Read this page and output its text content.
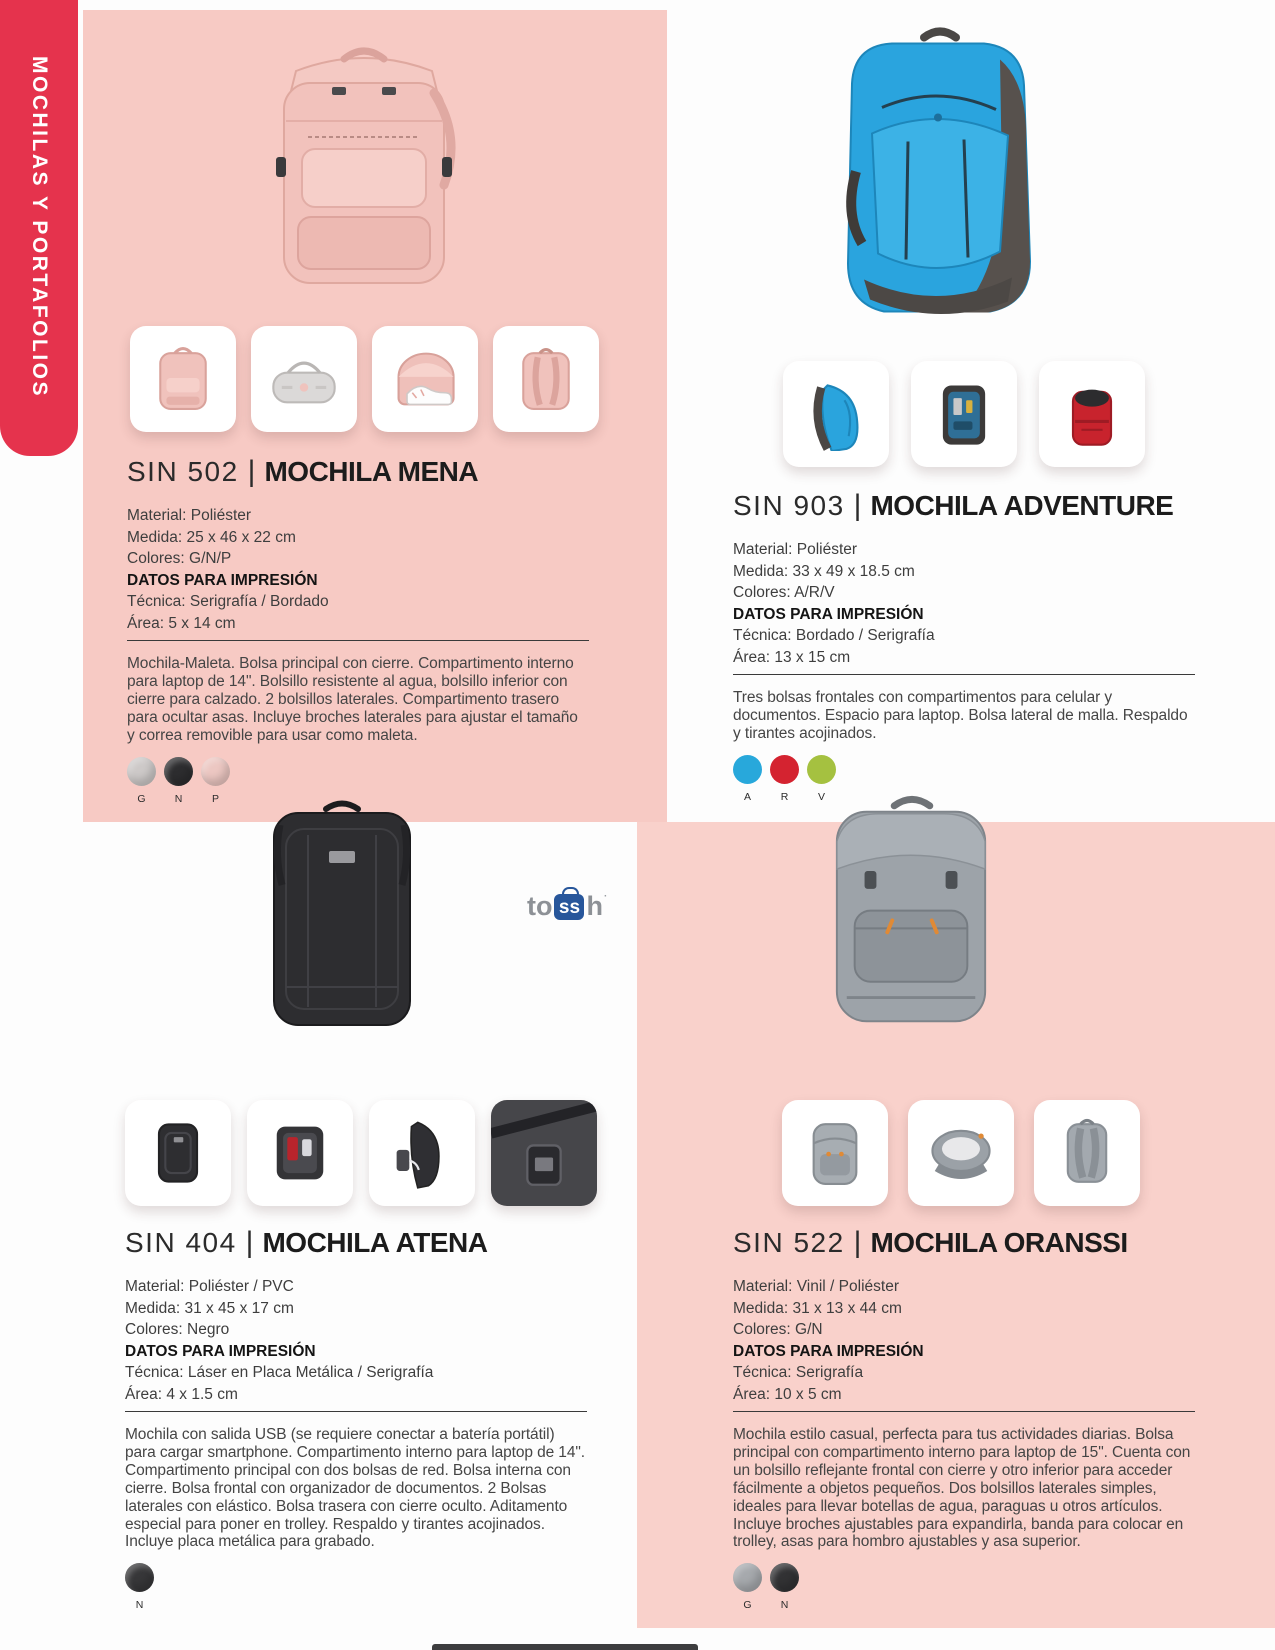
MOCHILAS Y PORTAFOLIOS
SIN 502 | MOCHILA MENA

Material: Poliéster

Medida: 25 x 46 x 22 cm

Colores: G/N/P

DATOS PARA IMPRESIÓN

Técnica: Serigrafía / Bordado

Área: 5 x 14 cm

Mochila-Maleta. Bolsa principal con cierre. Compartimento interno para laptop de 14". Bolsillo resistente al agua, bolsillo inferior con cierre para calzado. 2 bolsillos laterales. Compartimento trasero para ocultar asas. Incluye broches laterales para ajustar el tamaño y correa removible para usar como maleta.

G	N	P
SIN 903 | MOCHILA ADVENTURE

Material: Poliéster

Medida: 33 x 49 x 18.5 cm

Colores: A/R/V

DATOS PARA IMPRESIÓN

Técnica: Bordado / Serigrafía

Área: 13 x 15 cm

Tres bolsas frontales con compartimentos para celular y documentos. Espacio para laptop. Bolsa lateral de malla. Respaldo y tirantes acojinados.

A	R	V
SIN 404 | MOCHILA ATENA

Material: Poliéster / PVC

Medida: 31 x 45 x 17 cm

Colores: Negro

DATOS PARA IMPRESIÓN

Técnica: Láser en Placa Metálica / Serigrafía

Área: 4 x 1.5 cm

Mochila con salida USB (se requiere conectar a batería portátil) para cargar smartphone. Compartimento interno para laptop de 14". Compartimento principal con dos bolsas de red. Bolsa interna con cierre. Bolsa frontal con organizador de documentos. 2 Bolsas laterales con elástico. Bolsa trasera con cierre oculto. Aditamento especial para poner en trolley. Respaldo y tirantes acojinados. Incluye placa metálica para grabado.

N
SIN 522 | MOCHILA ORANSSI

Material: Vinil / Poliéster

Medida: 31 x 13 x 44 cm

Colores: G/N

DATOS PARA IMPRESIÓN

Técnica: Serigrafía

Área: 10 x 5 cm

Mochila estilo casual, perfecta para tus actividades diarias. Bolsa principal con compartimento interno para laptop de 15". Cuenta con un bolsillo reflejante frontal con cierre y otro inferior para acceder fácilmente a objetos pequeños. Dos bolsillos laterales simples, ideales para llevar botellas de agua, paraguas u otros artículos. Incluye broches ajustables para expandirla, banda para colocar en trolley, asas para hombro ajustables y asa superior.

G	N
to ss h ·
